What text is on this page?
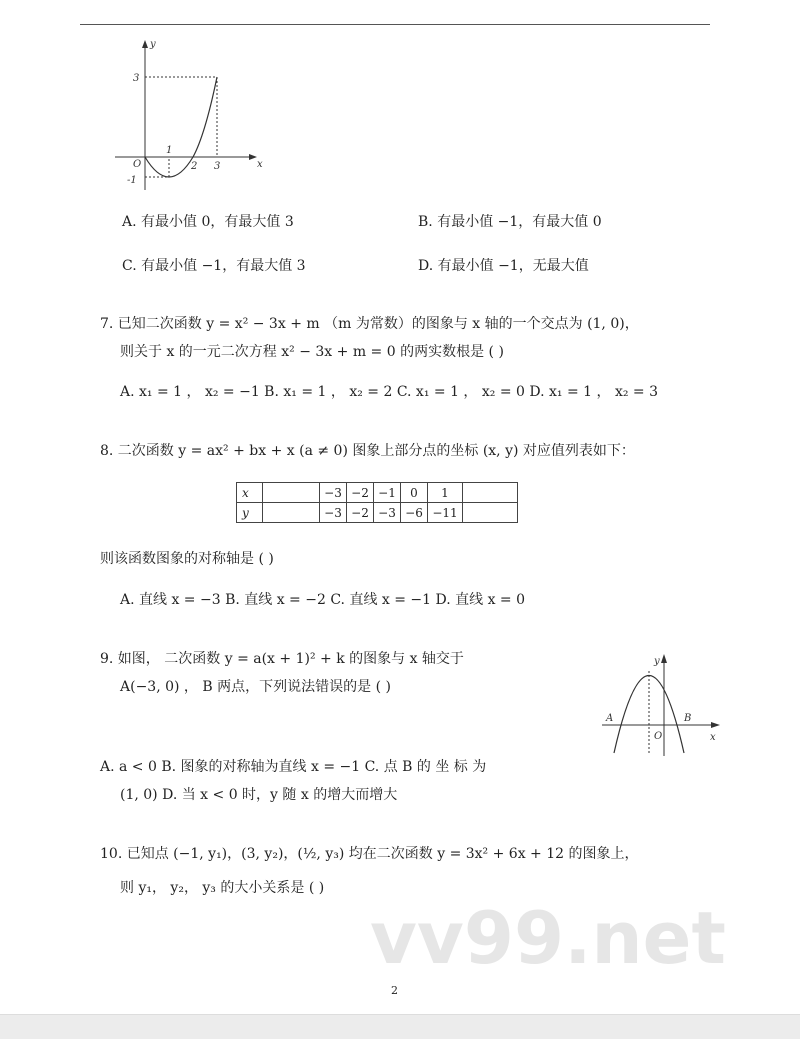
y
x
O
1
2 3
3
-1
A. 有最小值 0，有最大值 3	B. 有最小值 −1，有最大值 0
C. 有最小值 −1，有最大值 3	D. 有最小值 −1，无最大值
7. 已知二次函数 y = x² − 3x + m （m 为常数）的图象与 x 轴的一个交点为 (1, 0)，
则关于 x 的一元二次方程 x² − 3x + m = 0 的两实数根是 ( )
A. x₁ = 1 ， x₂ = −1 B. x₁ = 1 ， x₂ = 2 C. x₁ = 1 ， x₂ = 0 D. x₁ = 1 ， x₂ = 3
8. 二次函数 y = ax² + bx + x (a ≠ 0) 图象上部分点的坐标 (x, y) 对应值列表如下：
x		−3	−2	−1	0	1	
y		−3	−2	−3	−6	−11	
则该函数图象的对称轴是 ( )
A. 直线 x = −3 B. 直线 x = −2 C. 直线 x = −1 D. 直线 x = 0
9. 如图， 二次函数 y = a(x + 1)² + k 的图象与 x 轴交于
A(−3, 0) ， B 两点，下列说法错误的是 ( )
A. a < 0 B. 图象的对称轴为直线 x = −1 C. 点 B 的 坐 标 为
(1, 0) D. 当 x < 0 时，y 随 x 的增大而增大
y
x
O
A	B
10. 已知点 (−1, y₁)，(3, y₂)，(½, y₃) 均在二次函数 y = 3x² + 6x + 12 的图象上，
则 y₁， y₂， y₃ 的大小关系是 ( )
vv99.net
2
